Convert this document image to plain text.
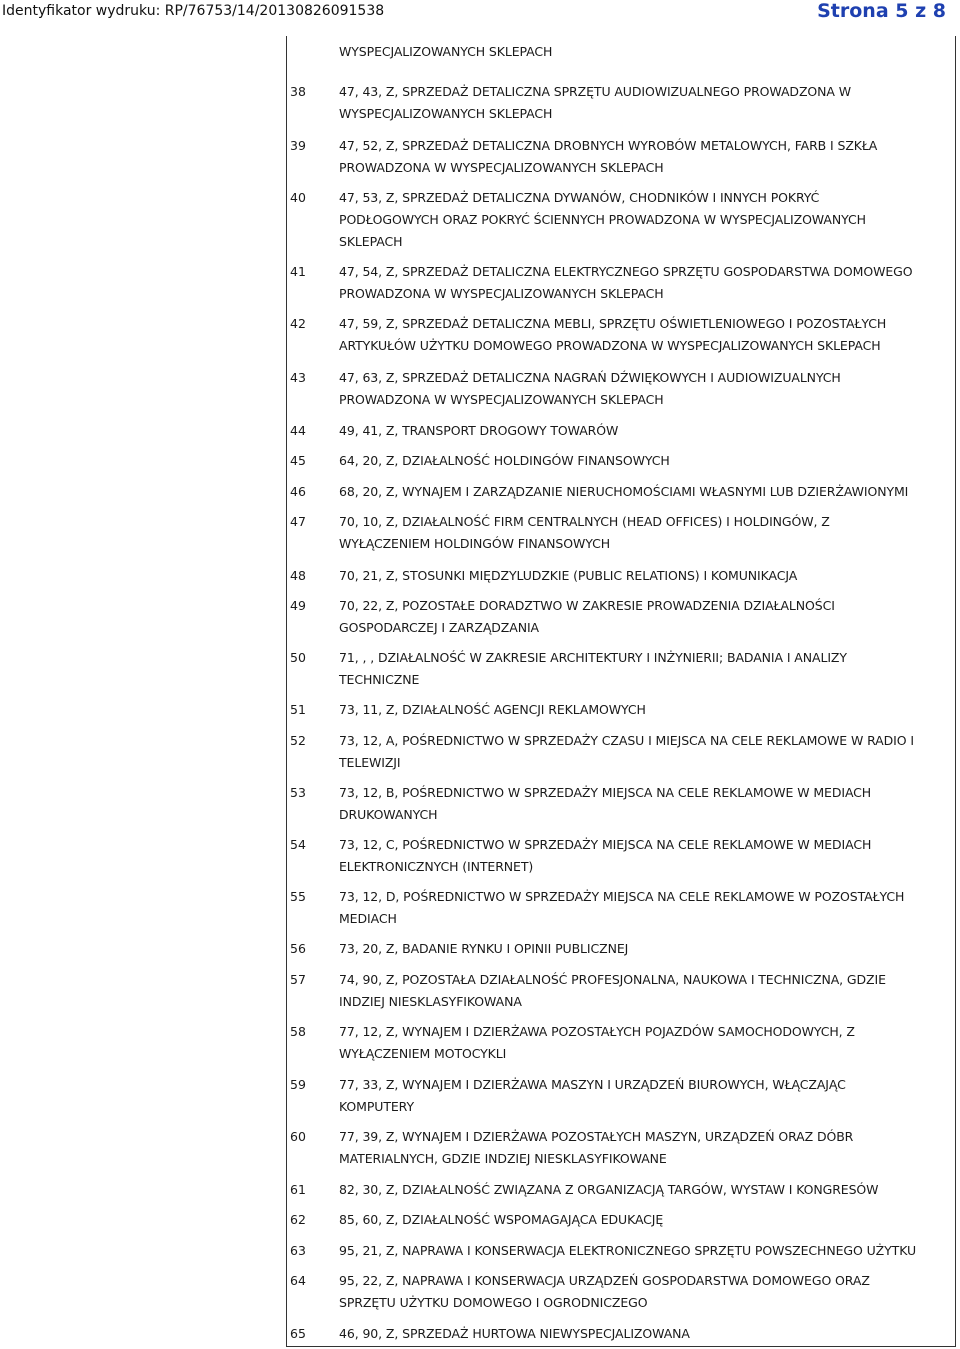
Identyfikator wydruku: RP/76753/14/20130826091538	Strona 5 z 8
WYSPECJALIZOWANYCH SKLEPACH
38	47, 43, Z, SPRZEDAŻ DETALICZNA SPRZĘTU AUDIOWIZUALNEGO PROWADZONA W
WYSPECJALIZOWANYCH SKLEPACH
39	47, 52, Z, SPRZEDAŻ DETALICZNA DROBNYCH WYROBÓW METALOWYCH, FARB I SZKŁA
PROWADZONA W WYSPECJALIZOWANYCH SKLEPACH
40	47, 53, Z, SPRZEDAŻ DETALICZNA DYWANÓW, CHODNIKÓW I INNYCH POKRYĆ
PODŁOGOWYCH ORAZ POKRYĆ ŚCIENNYCH PROWADZONA W WYSPECJALIZOWANYCH
SKLEPACH
41	47, 54, Z, SPRZEDAŻ DETALICZNA ELEKTRYCZNEGO SPRZĘTU GOSPODARSTWA DOMOWEGO
PROWADZONA W WYSPECJALIZOWANYCH SKLEPACH
42	47, 59, Z, SPRZEDAŻ DETALICZNA MEBLI, SPRZĘTU OŚWIETLENIOWEGO I POZOSTAŁYCH
ARTYKUŁÓW UŻYTKU DOMOWEGO PROWADZONA W WYSPECJALIZOWANYCH SKLEPACH
43	47, 63, Z, SPRZEDAŻ DETALICZNA NAGRAŃ DŹWIĘKOWYCH I AUDIOWIZUALNYCH
PROWADZONA W WYSPECJALIZOWANYCH SKLEPACH
44	49, 41, Z, TRANSPORT DROGOWY TOWARÓW
45	64, 20, Z, DZIAŁALNOŚĆ HOLDINGÓW FINANSOWYCH
46	68, 20, Z, WYNAJEM I ZARZĄDZANIE NIERUCHOMOŚCIAMI WŁASNYMI LUB DZIERŻAWIONYMI
47	70, 10, Z, DZIAŁALNOŚĆ FIRM CENTRALNYCH (HEAD OFFICES) I HOLDINGÓW, Z
WYŁĄCZENIEM HOLDINGÓW FINANSOWYCH
48	70, 21, Z, STOSUNKI MIĘDZYLUDZKIE (PUBLIC RELATIONS) I KOMUNIKACJA
49	70, 22, Z, POZOSTAŁE DORADZTWO W ZAKRESIE PROWADZENIA DZIAŁALNOŚCI
GOSPODARCZEJ I ZARZĄDZANIA
50	71, , , DZIAŁALNOŚĆ W ZAKRESIE ARCHITEKTURY I INŻYNIERII; BADANIA I ANALIZY
TECHNICZNE
51	73, 11, Z, DZIAŁALNOŚĆ AGENCJI REKLAMOWYCH
52	73, 12, A, POŚREDNICTWO W SPRZEDAŻY CZASU I MIEJSCA NA CELE REKLAMOWE W RADIO I
TELEWIZJI
53	73, 12, B, POŚREDNICTWO W SPRZEDAŻY MIEJSCA NA CELE REKLAMOWE W MEDIACH
DRUKOWANYCH
54	73, 12, C, POŚREDNICTWO W SPRZEDAŻY MIEJSCA NA CELE REKLAMOWE W MEDIACH
ELEKTRONICZNYCH (INTERNET)
55	73, 12, D, POŚREDNICTWO W SPRZEDAŻY MIEJSCA NA CELE REKLAMOWE W POZOSTAŁYCH
MEDIACH
56	73, 20, Z, BADANIE RYNKU I OPINII PUBLICZNEJ
57	74, 90, Z, POZOSTAŁA DZIAŁALNOŚĆ PROFESJONALNA, NAUKOWA I TECHNICZNA, GDZIE
INDZIEJ NIESKLASYFIKOWANA
58	77, 12, Z, WYNAJEM I DZIERŻAWA POZOSTAŁYCH POJAZDÓW SAMOCHODOWYCH, Z
WYŁĄCZENIEM MOTOCYKLI
59	77, 33, Z, WYNAJEM I DZIERŻAWA MASZYN I URZĄDZEŃ BIUROWYCH, WŁĄCZAJĄC
KOMPUTERY
60	77, 39, Z, WYNAJEM I DZIERŻAWA POZOSTAŁYCH MASZYN, URZĄDZEŃ ORAZ DÓBR
MATERIALNYCH, GDZIE INDZIEJ NIESKLASYFIKOWANE
61	82, 30, Z, DZIAŁALNOŚĆ ZWIĄZANA Z ORGANIZACJĄ TARGÓW, WYSTAW I KONGRESÓW
62	85, 60, Z, DZIAŁALNOŚĆ WSPOMAGAJĄCA EDUKACJĘ
63	95, 21, Z, NAPRAWA I KONSERWACJA ELEKTRONICZNEGO SPRZĘTU POWSZECHNEGO UŻYTKU
64	95, 22, Z, NAPRAWA I KONSERWACJA URZĄDZEŃ GOSPODARSTWA DOMOWEGO ORAZ
SPRZĘTU UŻYTKU DOMOWEGO I OGRODNICZEGO
65	46, 90, Z, SPRZEDAŻ HURTOWA NIEWYSPECJALIZOWANA
